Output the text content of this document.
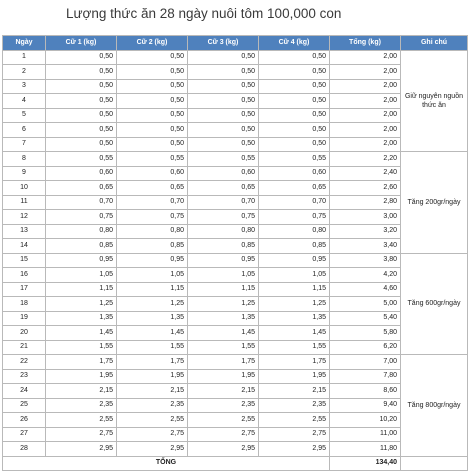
Lượng thức ăn 28 ngày nuôi tôm 100,000 con
Ngày	Cữ 1 (kg)	Cữ 2 (kg)	Cữ 3 (kg)	Cữ 4 (kg)	Tổng (kg)	Ghi chú
1	0,50	0,50	0,50	0,50	2,00	Giữ nguyên nguồn thức ăn
2	0,50	0,50	0,50	0,50	2,00	
3	0,50	0,50	0,50	0,50	2,00	
4	0,50	0,50	0,50	0,50	2,00	
5	0,50	0,50	0,50	0,50	2,00	
6	0,50	0,50	0,50	0,50	2,00	
7	0,50	0,50	0,50	0,50	2,00	
8	0,55	0,55	0,55	0,55	2,20	Tăng 200gr/ngày
9	0,60	0,60	0,60	0,60	2,40	
10	0,65	0,65	0,65	0,65	2,60	
11	0,70	0,70	0,70	0,70	2,80	
12	0,75	0,75	0,75	0,75	3,00	
13	0,80	0,80	0,80	0,80	3,20	
14	0,85	0,85	0,85	0,85	3,40	
15	0,95	0,95	0,95	0,95	3,80	Tăng 600gr/ngày
16	1,05	1,05	1,05	1,05	4,20	
17	1,15	1,15	1,15	1,15	4,60	
18	1,25	1,25	1,25	1,25	5,00	
19	1,35	1,35	1,35	1,35	5,40	
20	1,45	1,45	1,45	1,45	5,80	
21	1,55	1,55	1,55	1,55	6,20	
22	1,75	1,75	1,75	1,75	7,00	Tăng 800gr/ngày
23	1,95	1,95	1,95	1,95	7,80	
24	2,15	2,15	2,15	2,15	8,60	
25	2,35	2,35	2,35	2,35	9,40	
26	2,55	2,55	2,55	2,55	10,20	
27	2,75	2,75	2,75	2,75	11,00	
28	2,95	2,95	2,95	2,95	11,80	
TỔNG					134,40	
